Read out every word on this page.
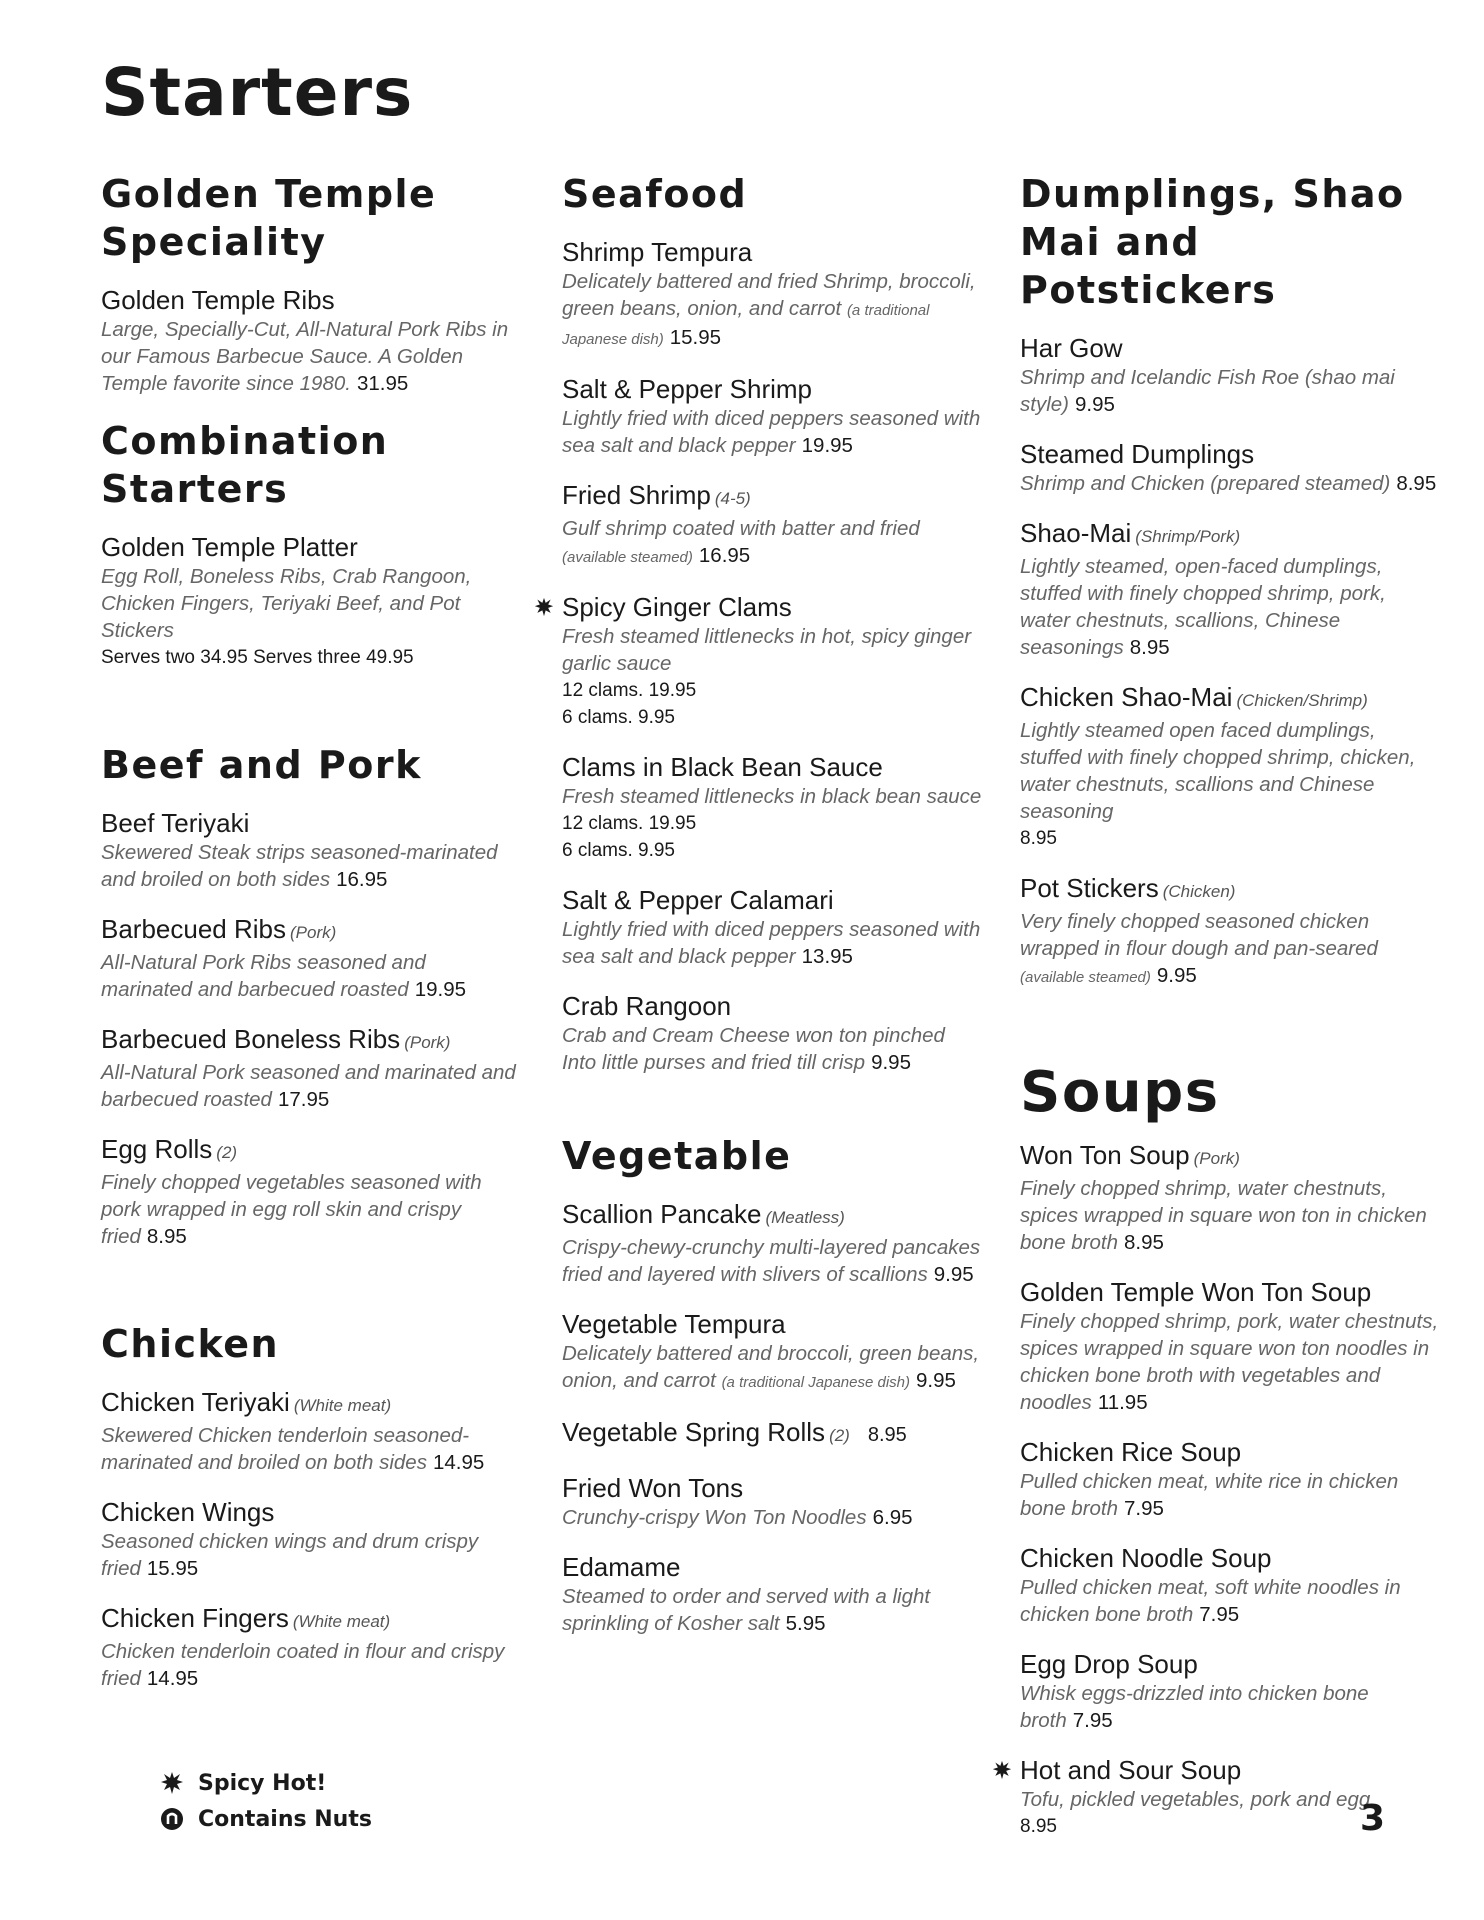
Starters
Golden Temple Speciality
Golden Temple Ribs
Large, Specially-Cut, All-Natural Pork Ribs in our Famous Barbecue Sauce. A Golden Temple favorite since 1980. 31.95
Combination Starters
Golden Temple Platter
Egg Roll, Boneless Ribs, Crab Rangoon, Chicken Fingers, Teriyaki Beef, and Pot Stickers
Serves two 34.95 Serves three 49.95
Beef and Pork
Beef Teriyaki
Skewered Steak strips seasoned-marinated and broiled on both sides 16.95
Barbecued Ribs (Pork)
All-Natural Pork Ribs seasoned and marinated and barbecued roasted 19.95
Barbecued Boneless Ribs (Pork)
All-Natural Pork seasoned and marinated and barbecued roasted 17.95
Egg Rolls (2)
Finely chopped vegetables seasoned with pork wrapped in egg roll skin and crispy fried 8.95
Chicken
Chicken Teriyaki (White meat)
Skewered Chicken tenderloin seasoned-marinated and broiled on both sides 14.95
Chicken Wings
Seasoned chicken wings and drum crispy fried 15.95
Chicken Fingers (White meat)
Chicken tenderloin coated in flour and crispy fried 14.95
Seafood
Shrimp Tempura
Delicately battered and fried Shrimp, broccoli, green beans, onion, and carrot (a traditional Japanese dish) 15.95
Salt & Pepper Shrimp
Lightly fried with diced peppers seasoned with sea salt and black pepper 19.95
Fried Shrimp (4-5)
Gulf shrimp coated with batter and fried (available steamed) 16.95
Spicy Ginger Clams
Fresh steamed littlenecks in hot, spicy ginger garlic sauce
12 clams. 19.95
6 clams. 9.95
Clams in Black Bean Sauce
Fresh steamed littlenecks in black bean sauce
12 clams. 19.95
6 clams. 9.95
Salt & Pepper Calamari
Lightly fried with diced peppers seasoned with sea salt and black pepper 13.95
Crab Rangoon
Crab and Cream Cheese won ton pinched Into little purses and fried till crisp 9.95
Vegetable
Scallion Pancake (Meatless)
Crispy-chewy-crunchy multi-layered pancakes fried and layered with slivers of scallions 9.95
Vegetable Tempura
Delicately battered and broccoli, green beans, onion, and carrot (a traditional Japanese dish) 9.95
Vegetable Spring Rolls (2) 8.95
Fried Won Tons
Crunchy-crispy Won Ton Noodles 6.95
Edamame
Steamed to order and served with a light sprinkling of Kosher salt 5.95
Dumplings, Shao Mai and Potstickers
Har Gow
Shrimp and Icelandic Fish Roe (shao mai style) 9.95
Steamed Dumplings
Shrimp and Chicken (prepared steamed) 8.95
Shao-Mai (Shrimp/Pork)
Lightly steamed, open-faced dumplings, stuffed with finely chopped shrimp, pork, water chestnuts, scallions, Chinese seasonings 8.95
Chicken Shao-Mai (Chicken/Shrimp)
Lightly steamed open faced dumplings, stuffed with finely chopped shrimp, chicken, water chestnuts, scallions and Chinese seasoning
8.95
Pot Stickers (Chicken)
Very finely chopped seasoned chicken wrapped in flour dough and pan-seared (available steamed) 9.95
Soups
Won Ton Soup (Pork)
Finely chopped shrimp, water chestnuts, spices wrapped in square won ton in chicken bone broth 8.95
Golden Temple Won Ton Soup
Finely chopped shrimp, pork, water chestnuts, spices wrapped in square won ton noodles in chicken bone broth with vegetables and noodles 11.95
Chicken Rice Soup
Pulled chicken meat, white rice in chicken bone broth 7.95
Chicken Noodle Soup
Pulled chicken meat, soft white noodles in chicken bone broth 7.95
Egg Drop Soup
Whisk eggs-drizzled into chicken bone broth 7.95
Hot and Sour Soup
Tofu, pickled vegetables, pork and egg
8.95
Spicy Hot!
Contains Nuts	3
